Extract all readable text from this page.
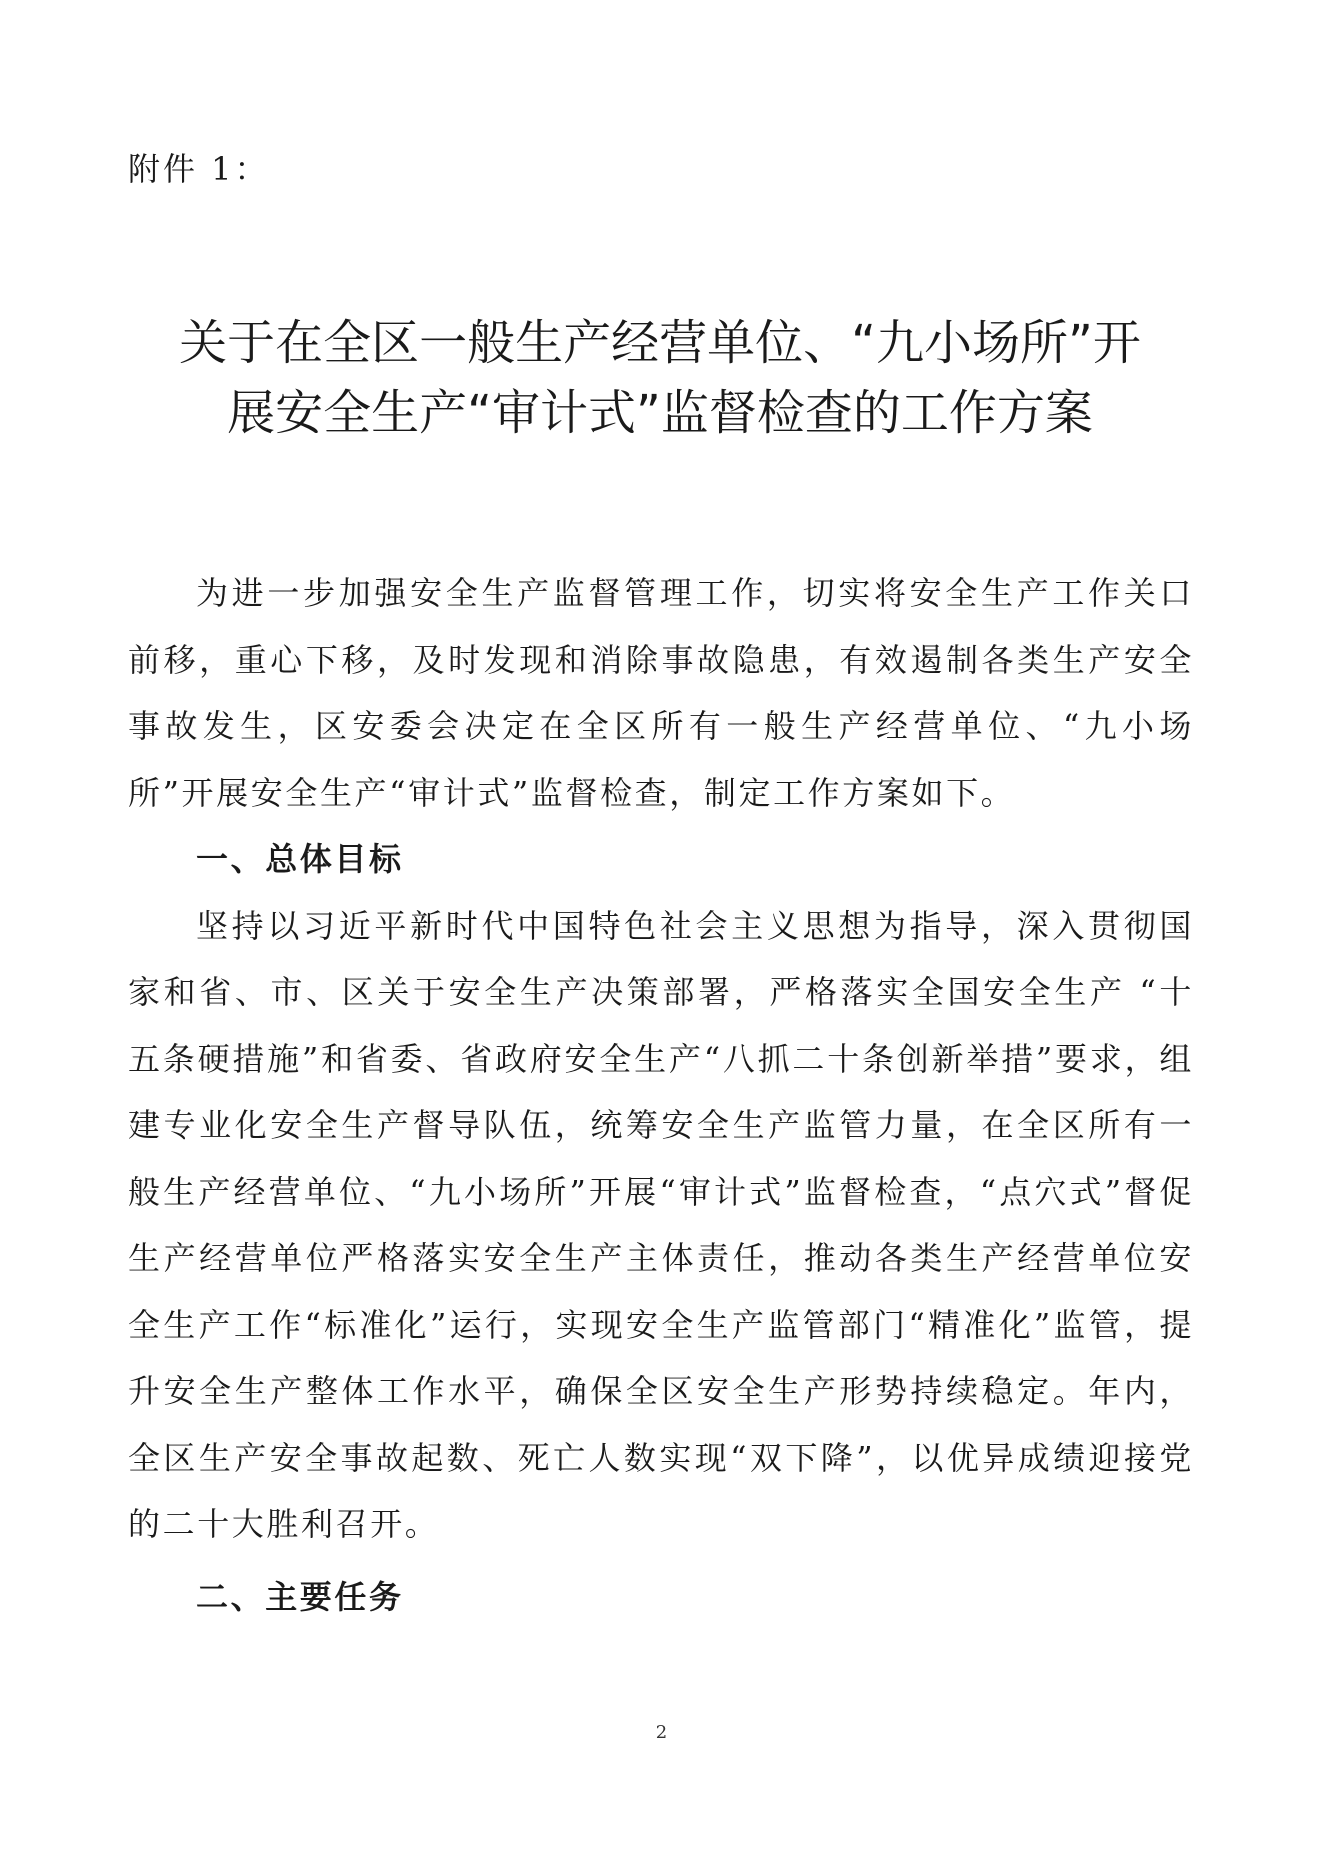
附件 1：
关于在全区一般生产经营单位、“九小场所”开
展安全生产“审计式”监督检查的工作方案

为进一步加强安全生产监督管理工作，切实将安全生产工作关口前移，重心下移，及时发现和消除事故隐患，有效遏制各类生产安全事故发生，区安委会决定在全区所有一般生产经营单位、“九小场所”开展安全生产“审计式”监督检查，制定工作方案如下。

一、总体目标

坚持以习近平新时代中国特色社会主义思想为指导，深入贯彻国家和省、市、区关于安全生产决策部署，严格落实全国安全生产 “十五条硬措施”和省委、省政府安全生产“八抓二十条创新举措”要求，组建专业化安全生产督导队伍，统筹安全生产监管力量，在全区所有一般生产经营单位、“九小场所”开展“审计式”监督检查，“点穴式”督促生产经营单位严格落实安全生产主体责任，推动各类生产经营单位安全生产工作“标准化”运行，实现安全生产监管部门“精准化”监管，提升安全生产整体工作水平，确保全区安全生产形势持续稳定。年内，全区生产安全事故起数、死亡人数实现“双下降”，以优异成绩迎接党的二十大胜利召开。

二、主要任务

2
